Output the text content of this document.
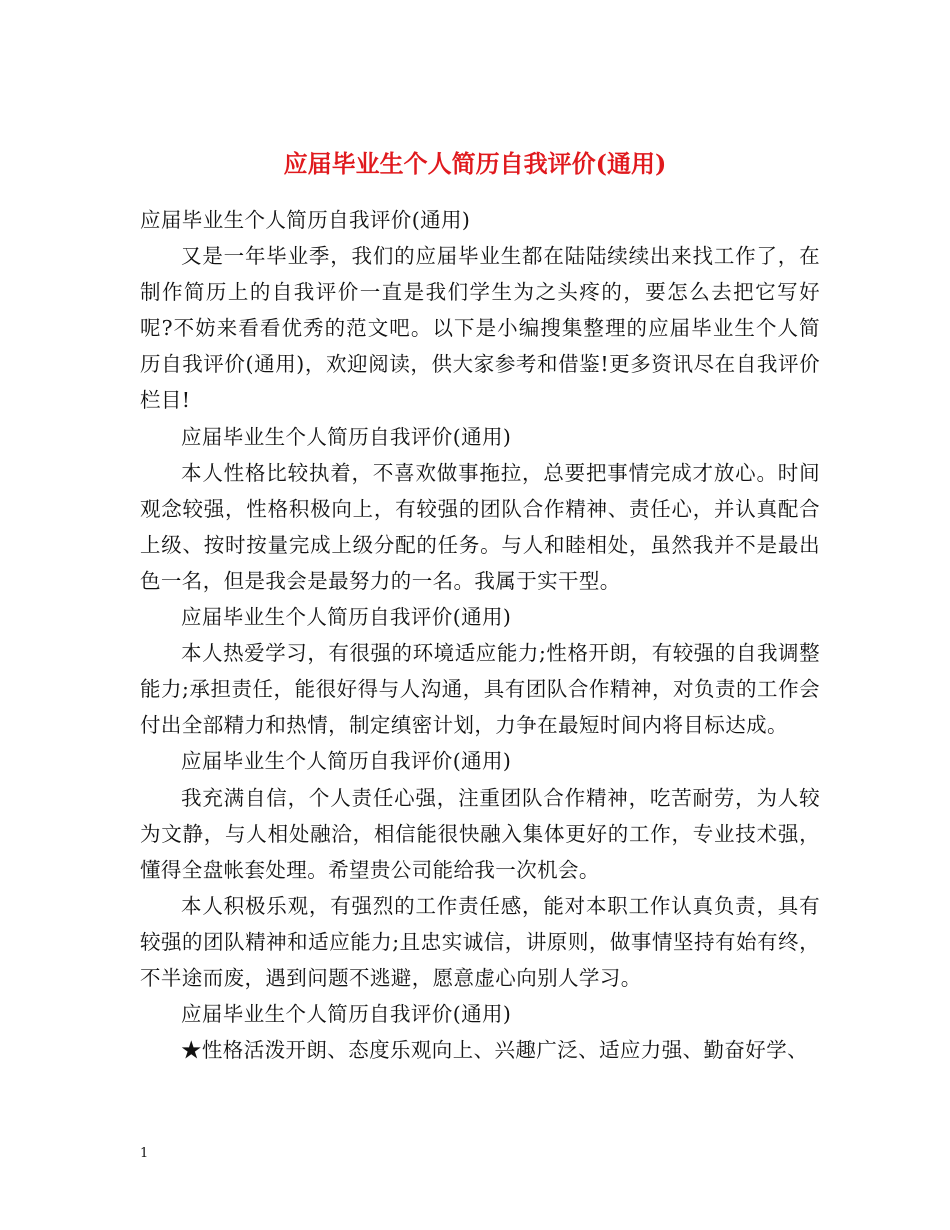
应届毕业生个人简历自我评价(通用)

应届毕业生个人简历自我评价(通用)

又是一年毕业季，我们的应届毕业生都在陆陆续续出来找工作了，在制作简历上的自我评价一直是我们学生为之头疼的，要怎么去把它写好呢?不妨来看看优秀的范文吧。以下是小编搜集整理的应届毕业生个人简历自我评价(通用)，欢迎阅读，供大家参考和借鉴!更多资讯尽在自我评价栏目!

应届毕业生个人简历自我评价(通用)

本人性格比较执着，不喜欢做事拖拉，总要把事情完成才放心。时间观念较强，性格积极向上，有较强的团队合作精神、责任心，并认真配合上级、按时按量完成上级分配的任务。与人和睦相处，虽然我并不是最出色一名，但是我会是最努力的一名。我属于实干型。

应届毕业生个人简历自我评价(通用)

本人热爱学习，有很强的环境适应能力;性格开朗，有较强的自我调整能力;承担责任，能很好得与人沟通，具有团队合作精神，对负责的工作会付出全部精力和热情，制定缜密计划，力争在最短时间内将目标达成。

应届毕业生个人简历自我评价(通用)

我充满自信，个人责任心强，注重团队合作精神，吃苦耐劳，为人较为文静，与人相处融洽，相信能很快融入集体更好的工作，专业技术强，懂得全盘帐套处理。希望贵公司能给我一次机会。

本人积极乐观，有强烈的工作责任感，能对本职工作认真负责，具有较强的团队精神和适应能力;且忠实诚信，讲原则，做事情坚持有始有终，不半途而废，遇到问题不逃避，愿意虚心向别人学习。

应届毕业生个人简历自我评价(通用)

★性格活泼开朗、态度乐观向上、兴趣广泛、适应力强、勤奋好学、

1
